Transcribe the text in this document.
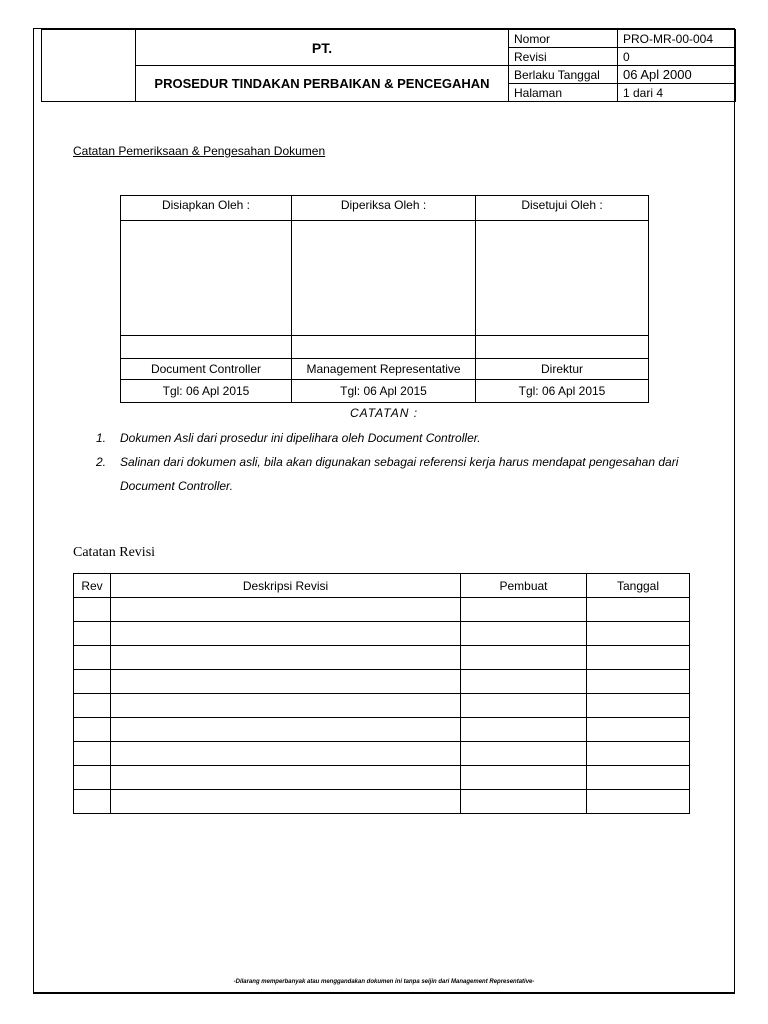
	PT.	Nomor	PRO-MR-00-004
		Revisi	0
	PROSEDUR TINDAKAN PERBAIKAN & PENCEGAHAN	Berlaku Tanggal	06 Apl 2000
		Halaman	1 dari 4
Catatan Pemeriksaan & Pengesahan Dokumen
Disiapkan Oleh :	Diperiksa Oleh :	Disetujui Oleh :

Document Controller	Management Representative	Direktur
Tgl: 06 Apl 2015	Tgl: 06 Apl 2015	Tgl: 06 Apl 2015
CATATAN :
1. Dokumen Asli dari prosedur ini dipelihara oleh Document Controller.
2. Salinan dari dokumen asli, bila akan digunakan sebagai referensi kerja harus mendapat pengesahan dari Document Controller.
Catatan Revisi
Rev	Deskripsi Revisi	Pembuat	Tanggal

-Dilarang memperbanyak atau menggandakan dokumen ini tanpa seijin dari Management Representative-
